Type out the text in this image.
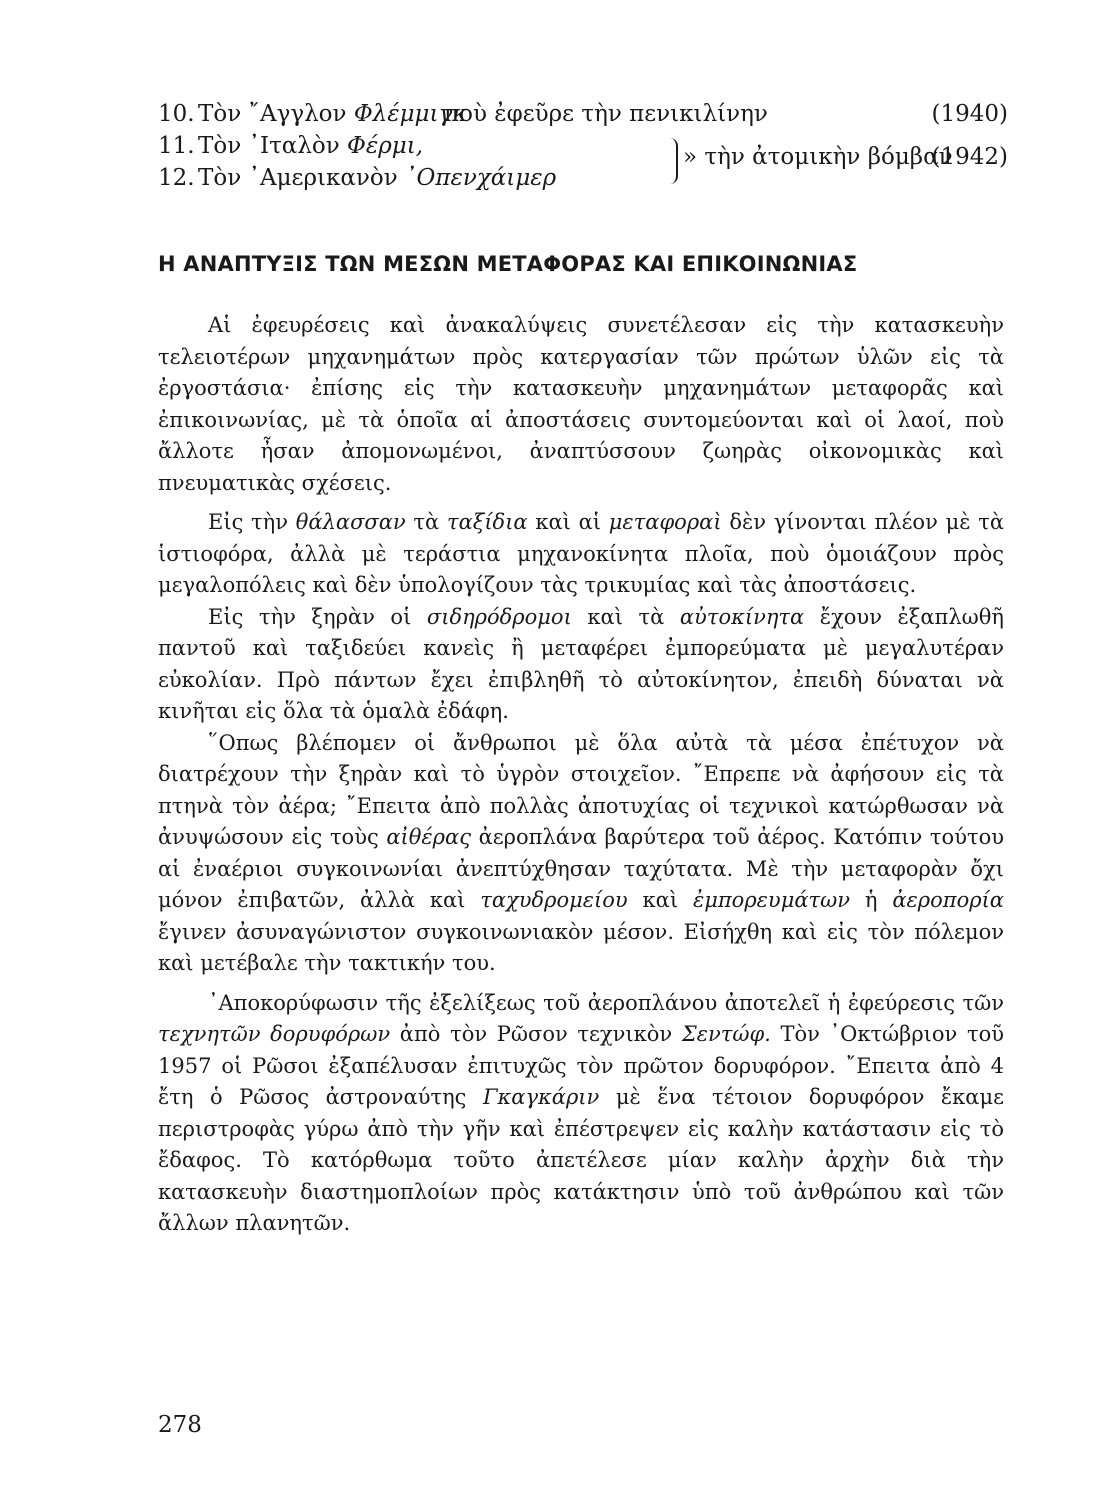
10. Τὸν ῎Αγγλον Φλέμμιγκ
ποὺ ἐφεῦρε τὴν πενικιλίνην	(1940)
11. Τὸν ᾽Ιταλὸν Φέρμι,
12. Τὸν ᾽Αμερικανὸν ᾽Οπενχάιμερ
» τὴν ἀτομικὴν βόμβαν
(1942)
Η ΑΝΑΠΤΥΞΙΣ ΤΩΝ ΜΕΣΩΝ ΜΕΤΑΦΟΡΑΣ ΚΑΙ ΕΠΙΚΟΙΝΩΝΙΑΣ

Αἱ ἐφευρέσεις καὶ ἀνακαλύψεις συνετέλεσαν εἰς τὴν κατασκευὴν τελειοτέρων μηχανημάτων πρὸς κατεργασίαν τῶν πρώτων ὑλῶν εἰς τὰ ἐργοστάσια· ἐπίσης εἰς τὴν κατασκευὴν μηχανημάτων μεταφορᾶς καὶ ἐπικοινωνίας, μὲ τὰ ὁποῖα αἱ ἀποστάσεις συντομεύονται καὶ οἱ λαοί, ποὺ ἄλλοτε ἦσαν ἀπομονωμένοι, ἀναπτύσσουν ζωηρὰς οἰκονομικὰς καὶ πνευματικὰς σχέσεις.

Εἰς τὴν θάλασσαν τὰ ταξίδια καὶ αἱ μεταφοραὶ δὲν γίνονται πλέον μὲ τὰ ἱστιοφόρα, ἀλλὰ μὲ τεράστια μηχανοκίνητα πλοῖα, ποὺ ὁμοιάζουν πρὸς μεγαλοπόλεις καὶ δὲν ὑπολογίζουν τὰς τρικυμίας καὶ τὰς ἀποστάσεις.

Εἰς τὴν ξηρὰν οἱ σιδηρόδρομοι καὶ τὰ αὐτοκίνητα ἔχουν ἐξαπλωθῆ παντοῦ καὶ ταξιδεύει κανεὶς ἢ μεταφέρει ἐμπορεύματα μὲ μεγαλυτέραν εὐκολίαν. Πρὸ πάντων ἔχει ἐπιβληθῆ τὸ αὐτοκίνητον, ἐπειδὴ δύναται νὰ κινῆται εἰς ὅλα τὰ ὁμαλὰ ἐδάφη.

῞Οπως βλέπομεν οἱ ἄνθρωποι μὲ ὅλα αὐτὰ τὰ μέσα ἐπέτυχον νὰ διατρέχουν τὴν ξηρὰν καὶ τὸ ὑγρὸν στοιχεῖον. ῎Επρεπε νὰ ἀφήσουν εἰς τὰ πτηνὰ τὸν ἀέρα; ῎Επειτα ἀπὸ πολλὰς ἀποτυχίας οἱ τεχνικοὶ κατώρθωσαν νὰ ἀνυψώσουν εἰς τοὺς αἰθέρας ἀεροπλάνα βαρύτερα τοῦ ἀέρος. Κατόπιν τούτου αἱ ἐναέριοι συγκοινωνίαι ἀνεπτύχθησαν ταχύτατα. Μὲ τὴν μεταφορὰν ὄχι μόνον ἐπιβατῶν, ἀλλὰ καὶ ταχυδρομείου καὶ ἐμπορευμάτων ἡ ἀεροπορία ἔγινεν ἀσυναγώνιστον συγκοινωνιακὸν μέσον. Εἰσήχθη καὶ εἰς τὸν πόλεμον καὶ μετέβαλε τὴν τακτικήν του.

᾽Αποκορύφωσιν τῆς ἐξελίξεως τοῦ ἀεροπλάνου ἀποτελεῖ ἡ ἐφεύρεσις τῶν τεχνητῶν δορυφόρων ἀπὸ τὸν Ρῶσον τεχνικὸν Σεντώφ. Τὸν ᾽Οκτώβριον τοῦ 1957 οἱ Ρῶσοι ἐξαπέλυσαν ἐπιτυχῶς τὸν πρῶτον δορυφόρον. ῎Επειτα ἀπὸ 4 ἔτη ὁ Ρῶσος ἀστροναύτης Γκαγκάριν μὲ ἕνα τέτοιον δορυφόρον ἔκαμε περιστροφὰς γύρω ἀπὸ τὴν γῆν καὶ ἐπέστρεψεν εἰς καλὴν κατάστασιν εἰς τὸ ἔδαφος. Τὸ κατόρθωμα τοῦτο ἀπετέλεσε μίαν καλὴν ἀρχὴν διὰ τὴν κατασκευὴν διαστημοπλοίων πρὸς κατάκτησιν ὑπὸ τοῦ ἀνθρώπου καὶ τῶν ἄλλων πλανητῶν.

278
